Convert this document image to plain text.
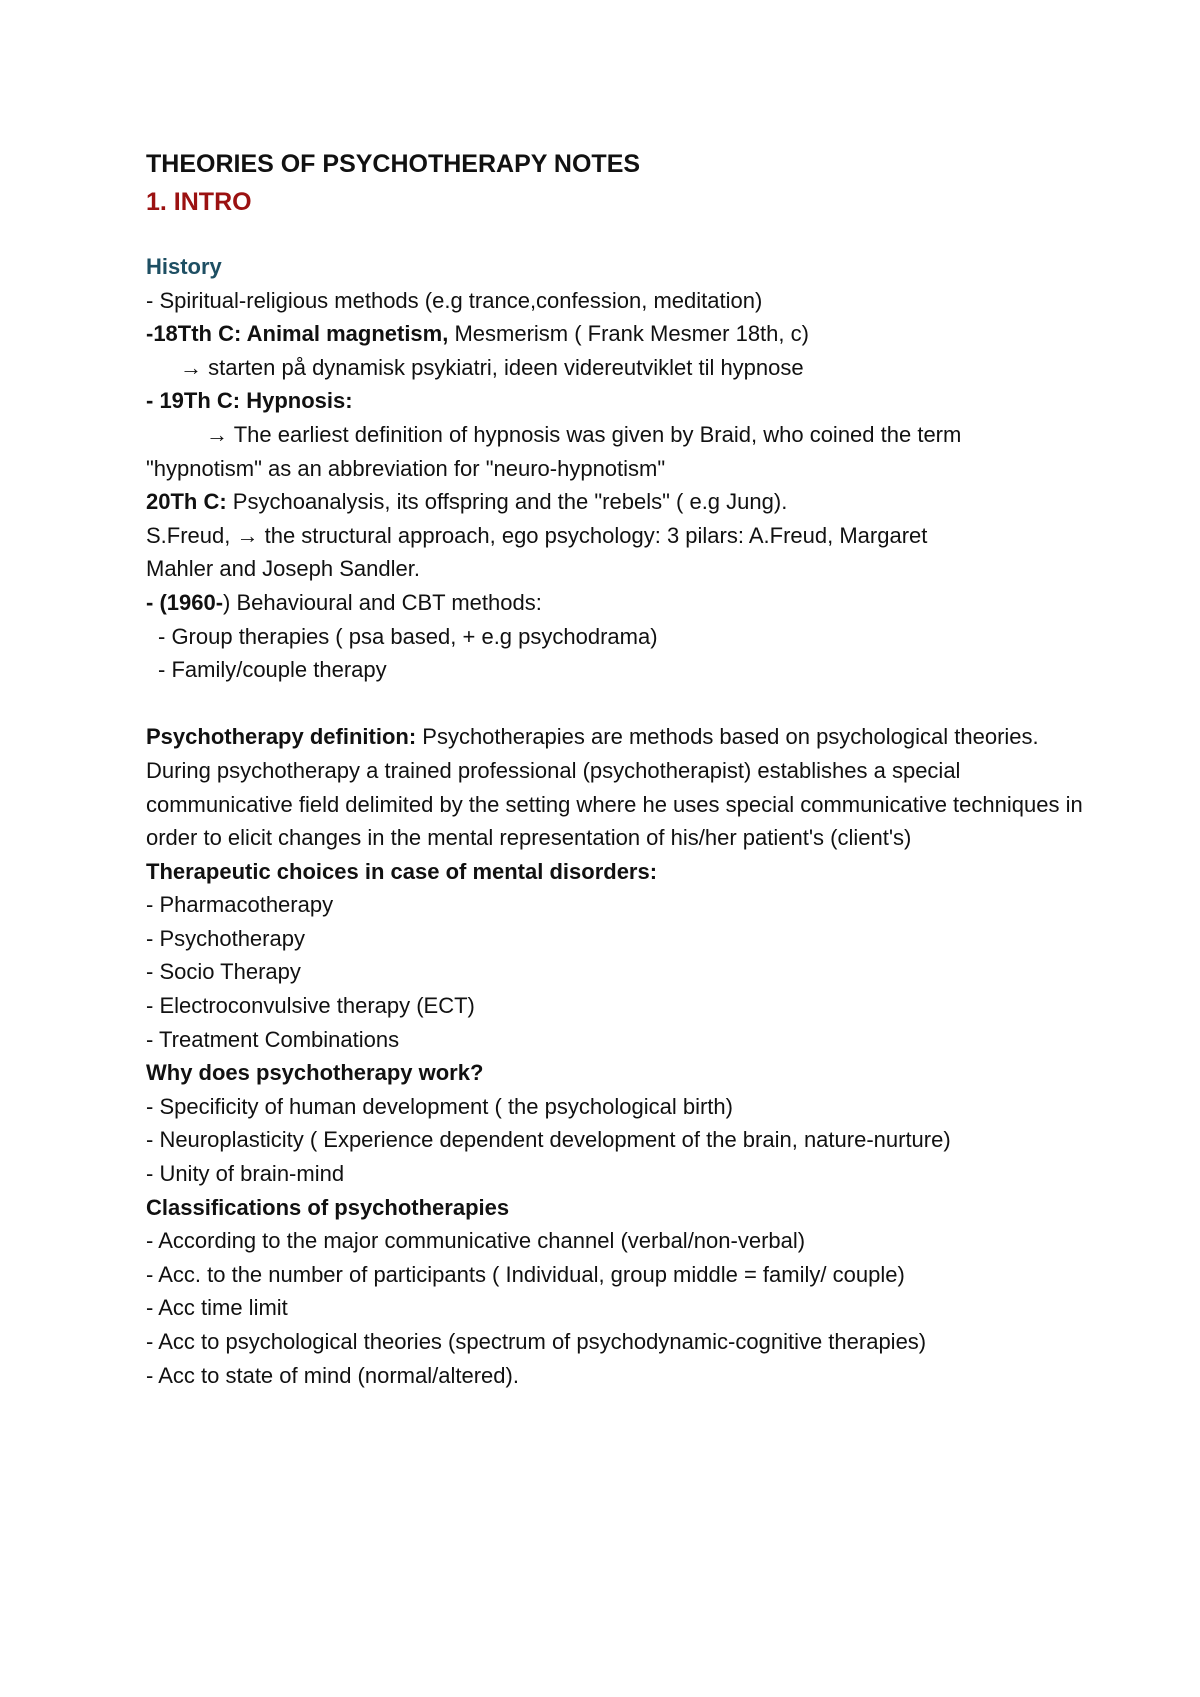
THEORIES OF PSYCHOTHERAPY NOTES
1. INTRO
History
- Spiritual-religious methods (e.g trance,confession, meditation)
-18Tth C: Animal magnetism, Mesmerism ( Frank Mesmer 18th, c)
→ starten på dynamisk psykiatri, ideen videreutviklet til hypnose
- 19Th C: Hypnosis:
→ The earliest definition of hypnosis was given by Braid, who coined the term
"hypnotism" as an abbreviation for "neuro-hypnotism"
20Th C: Psychoanalysis, its offspring and the "rebels" ( e.g Jung).
S.Freud, → the structural approach, ego psychology: 3 pilars: A.Freud, Margaret
Mahler and Joseph Sandler.
- (1960-) Behavioural and CBT methods:
- Group therapies ( psa based, + e.g psychodrama)
- Family/couple therapy
Psychotherapy definition: Psychotherapies are methods based on psychological theories. During psychotherapy a trained professional (psychotherapist) establishes a special communicative field delimited by the setting where he uses special communicative techniques in order to elicit changes in the mental representation of his/her patient's (client's)
Therapeutic choices in case of mental disorders:
- Pharmacotherapy
- Psychotherapy
- Socio Therapy
- Electroconvulsive therapy (ECT)
- Treatment Combinations
Why does psychotherapy work?
- Specificity of human development ( the psychological birth)
- Neuroplasticity ( Experience dependent development of the brain, nature-nurture)
- Unity of brain-mind
Classifications of psychotherapies
- According to the major communicative channel (verbal/non-verbal)
- Acc. to the number of participants ( Individual, group middle = family/ couple)
- Acc time limit
- Acc to psychological theories (spectrum of psychodynamic-cognitive therapies)
- Acc to state of mind (normal/altered).
